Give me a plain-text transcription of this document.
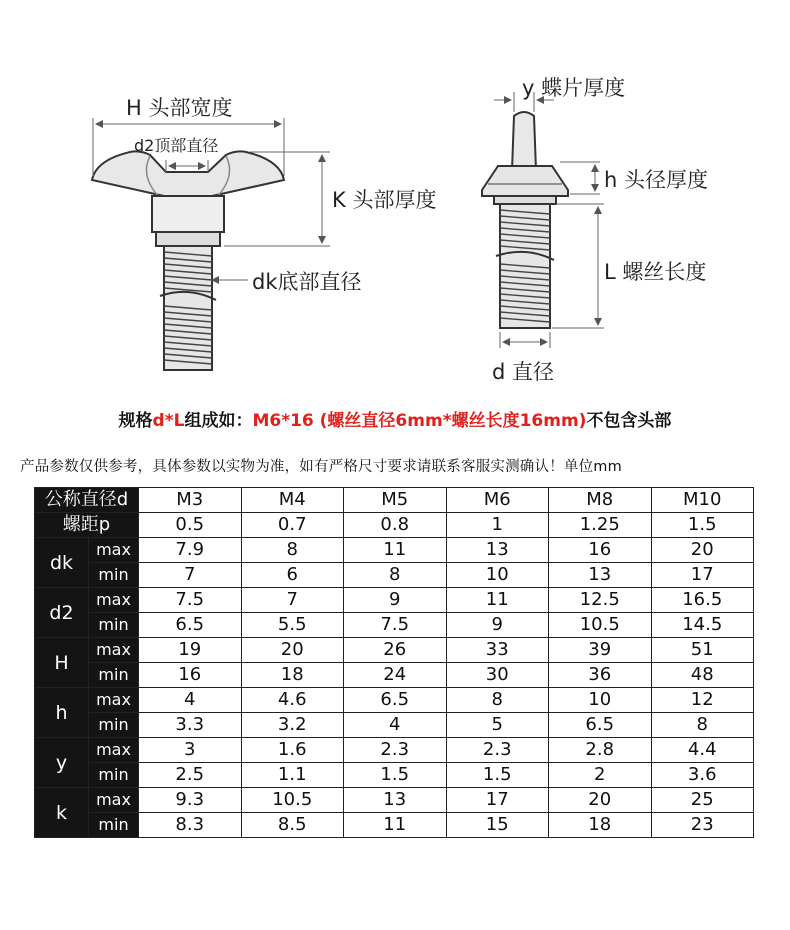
H 头部宽度
d2顶部直径
K 头部厚度
dk底部直径
y 蝶片厚度
h 头径厚度
L 螺丝长度
d 直径
规格d*L组成如：M6*16 (螺丝直径6mm*螺丝长度16mm)不包含头部
产品参数仅供参考，具体参数以实物为准，如有严格尺寸要求请联系客服实测确认！单位mm
公称直径d		M3	M4	M5	M6	M8	M10
螺距p		0.5	0.7	0.8	1	1.25	1.5
dk	max	7.9	8	11	13	16	20
	min	7	6	8	10	13	17
d2	max	7.5	7	9	11	12.5	16.5
	min	6.5	5.5	7.5	9	10.5	14.5
H	max	19	20	26	33	39	51
	min	16	18	24	30	36	48
h	max	4	4.6	6.5	8	10	12
	min	3.3	3.2	4	5	6.5	8
y	max	3	1.6	2.3	2.3	2.8	4.4
	min	2.5	1.1	1.5	1.5	2	3.6
k	max	9.3	10.5	13	17	20	25
	min	8.3	8.5	11	15	18	23
